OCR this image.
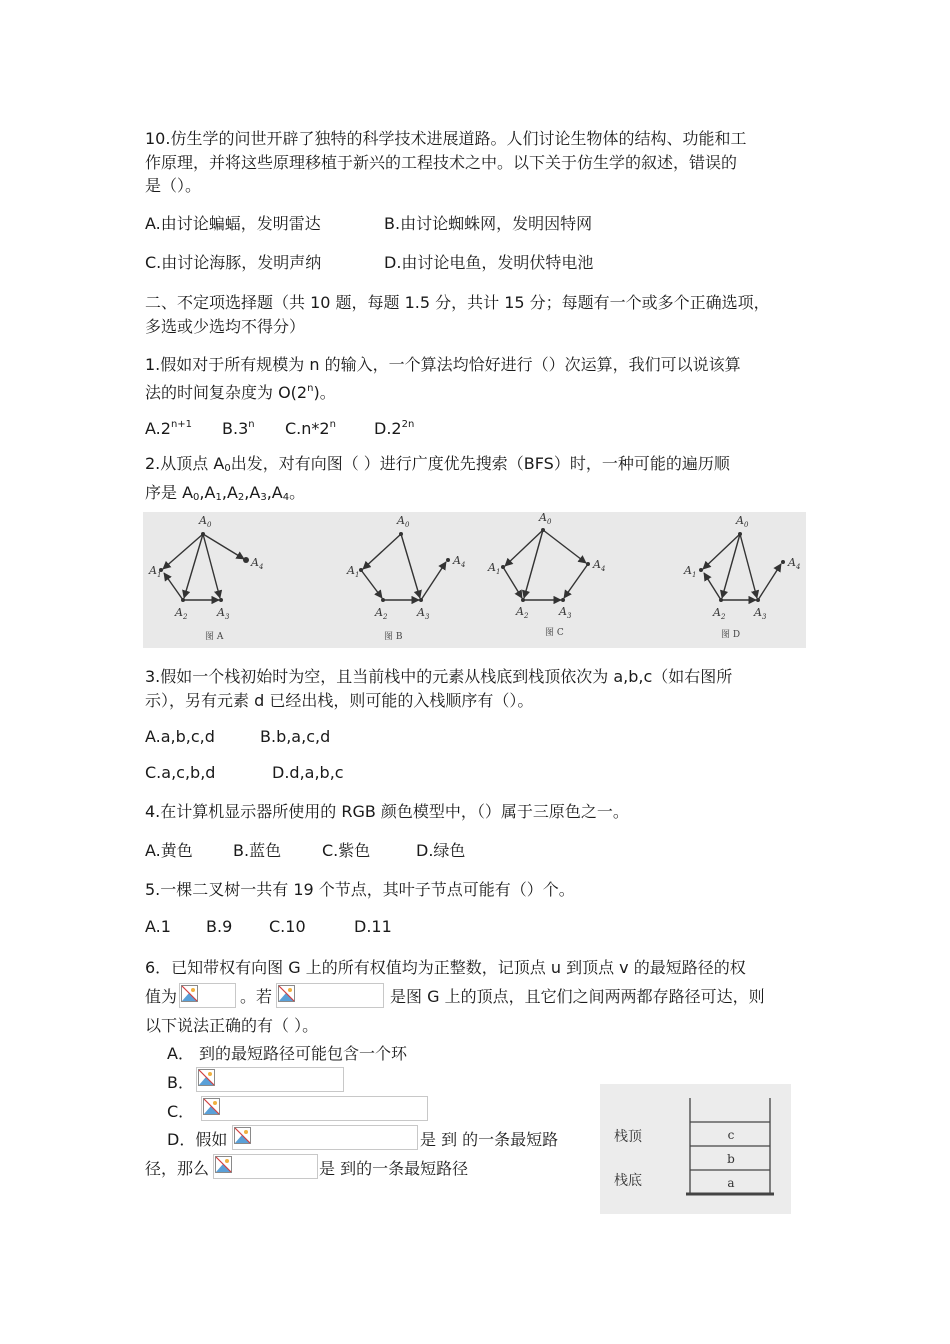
10.仿生学的问世开辟了独特的科学技术进展道路。人们讨论生物体的结构、功能和工
作原理，并将这些原理移植于新兴的工程技术之中。以下关于仿生学的叙述，错误的
是（）。

A.由讨论蝙蝠，发明雷达	B.由讨论蜘蛛网，发明因特网
C.由讨论海豚，发明声纳	D.由讨论电鱼，发明伏特电池

二、不定项选择题（共 10 题，每题 1.5 分，共计 15 分；每题有一个或多个正确选项，
多选或少选均不得分）

1.假如对于所有规模为 n 的输入，一个算法均恰好进行（）次运算，我们可以说该算
法的时间复杂度为 O(2$^n$)。

$A.2^{n+1}$ B.3$^n$ C.n*2$^n$ $D.2^{2n}$

2.从顶点 $A_0$出发，对有向图（ ）进行广度优先搜索（BFS）时，一种可能的遍历顺
序是 $A_0,A_1,A_2,A_3,A_4$。

$A_0$
$A_1$
$A_2$	$A_3$
$A_4$
$A_0$
$A_1$
$A_2$	$A_3$
$A_4$
$A_0$
$A_1$
$A_2$	$A_3$
$A_4$
$A_0$
$A_1$
$A_2$	$A_3$
$A_4$
图 A	图 B	图 C	图 D

3.假如一个栈初始时为空，且当前栈中的元素从栈底到栈顶依次为 a,b,c（如右图所
示），另有元素 d 已经出栈，则可能的入栈顺序有（）。

A.a,b,c,d	B.b,a,c,d
C.a,c,b,d	D.d,a,b,c
4.在计算机显示器所使用的 RGB 颜色模型中，（）属于三原色之一。
A.黄色	B.蓝色	C.紫色	D.绿色
5.一棵二叉树一共有 19 个节点，其叶子节点可能有（）个。
A.1 B.9 C.10	D.11
6．已知带权有向图 G 上的所有权值均为正整数，记顶点 u 到顶点 v 的最短路径的权
值为	。若	是图 G 上的顶点，且它们之间两两都存路径可达，则
以下说法正确的有（ ）。
A． 到的最短路径可能包含一个环
B．
C．
D．假如	是 到 的一条最短路
径，那么	是 到的一条最短路径
c
b
a
栈顶
栈底
